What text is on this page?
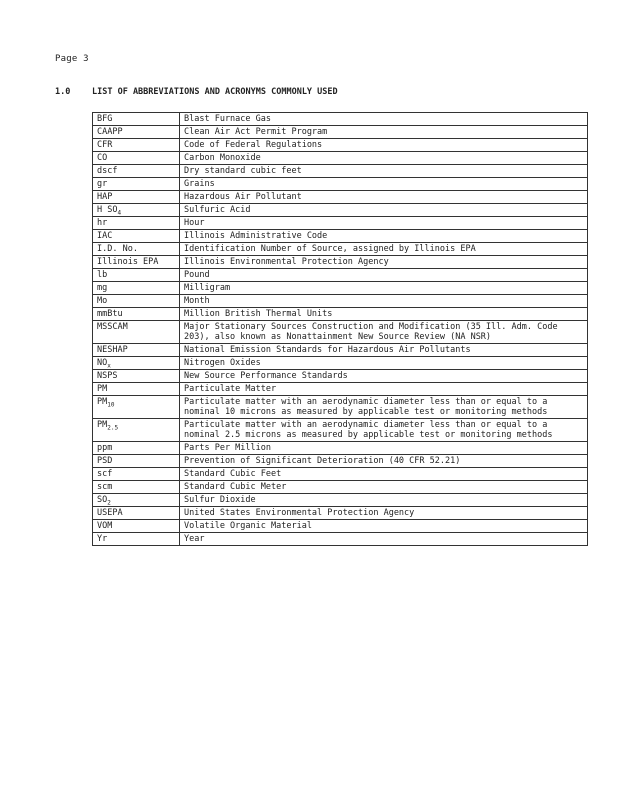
Page 3
1.0	LIST OF ABBREVIATIONS AND ACRONYMS COMMONLY USED
BFG	Blast Furnace Gas
CAAPP	Clean Air Act Permit Program
CFR	Code of Federal Regulations
CO	Carbon Monoxide
dscf	Dry standard cubic feet
gr	Grains
HAP	Hazardous Air Pollutant
H $SO_4$	Sulfuric Acid
hr	Hour
IAC	Illinois Administrative Code
I.D. No.	Identification Number of Source, assigned by Illinois EPA
Illinois EPA	Illinois Environmental Protection Agency
lb	Pound
mg	Milligram
Mo	Month
mmBtu	Million British Thermal Units
MSSCAM	Major Stationary Sources Construction and Modification (35 Ill. Adm. Code 203), also known as Nonattainment New Source Review (NA NSR)
NESHAP	National Emission Standards for Hazardous Air Pollutants
$NO_x$	Nitrogen Oxides
NSPS	New Source Performance Standards
PM	Particulate Matter
$PM_{10}$	Particulate matter with an aerodynamic diameter less than or equal to a nominal 10 microns as measured by applicable test or monitoring methods
$PM_{2.5}$	Particulate matter with an aerodynamic diameter less than or equal to a nominal 2.5 microns as measured by applicable test or monitoring methods
ppm	Parts Per Million
PSD	Prevention of Significant Deterioration (40 CFR 52.21)
scf	Standard Cubic Feet
scm	Standard Cubic Meter
$SO_2$	Sulfur Dioxide
USEPA	United States Environmental Protection Agency
VOM	Volatile Organic Material
Yr	Year
